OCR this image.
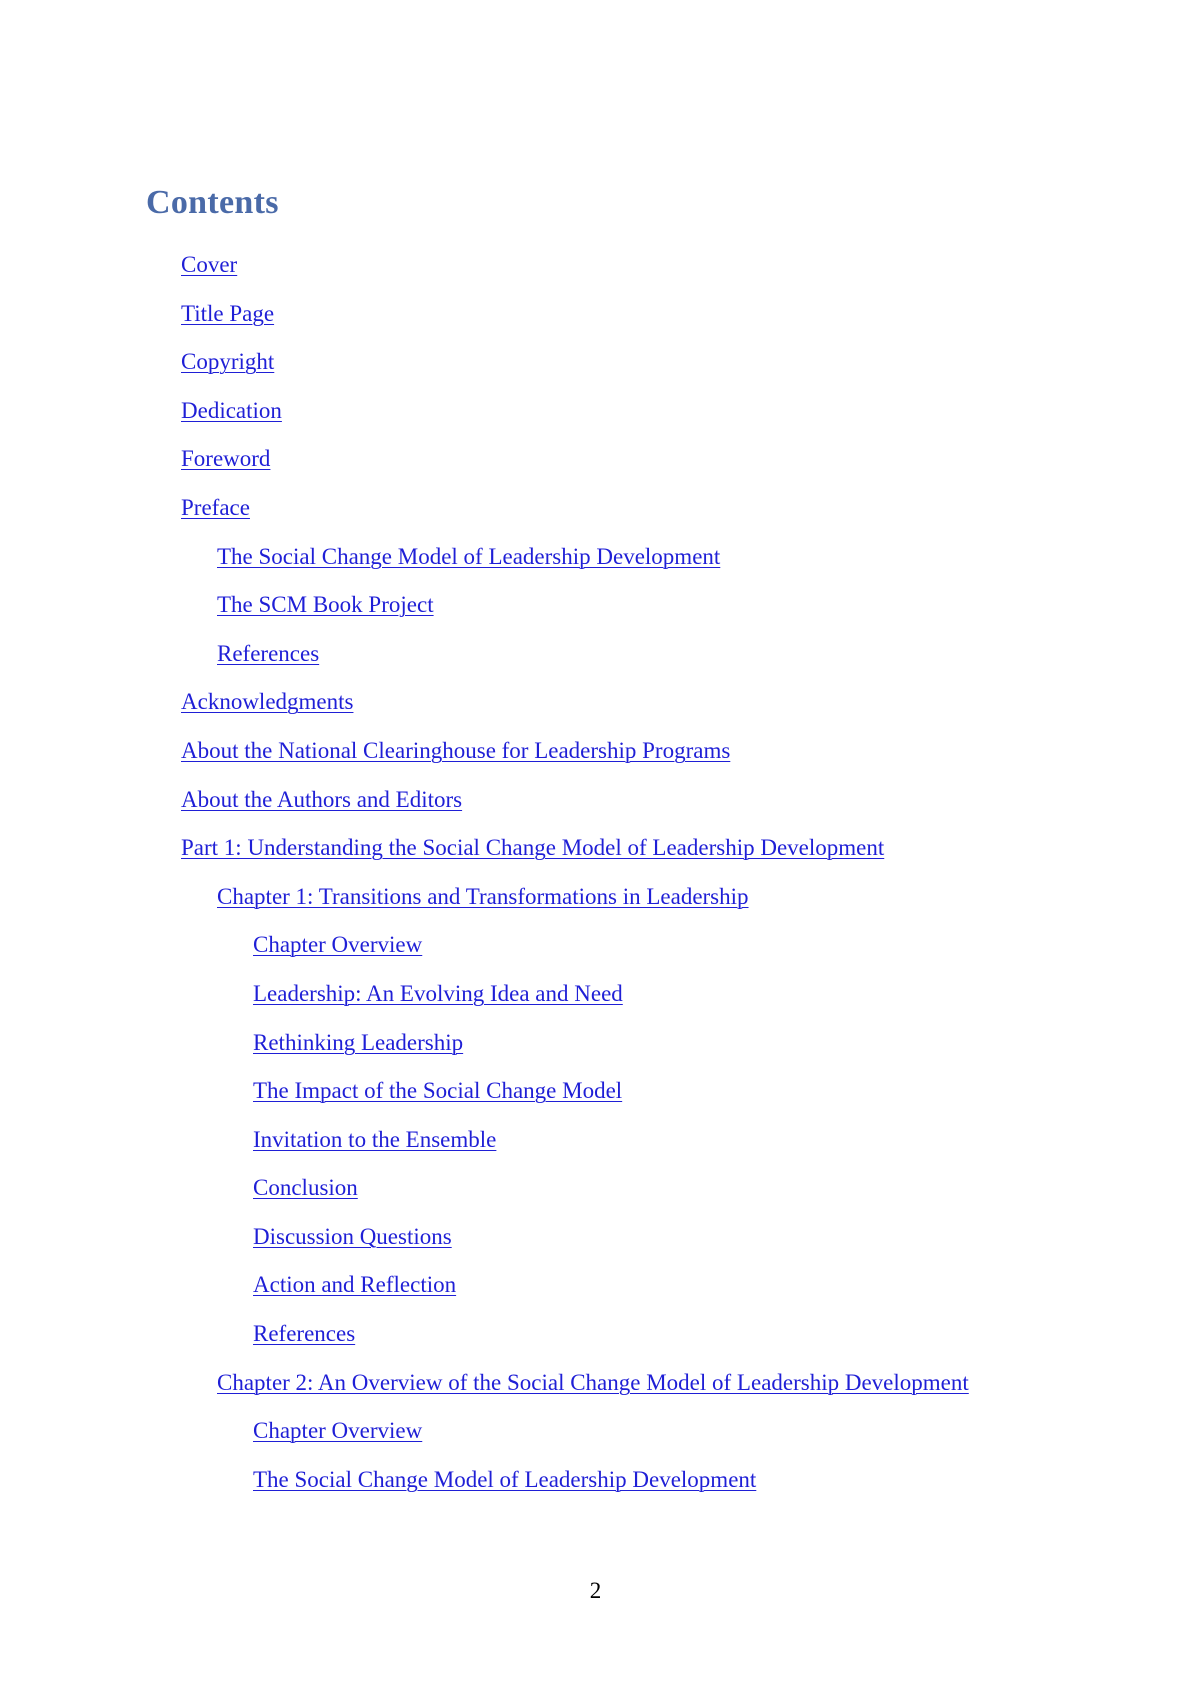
Contents
Cover
Title Page
Copyright
Dedication
Foreword
Preface
The Social Change Model of Leadership Development
The SCM Book Project
References
Acknowledgments
About the National Clearinghouse for Leadership Programs
About the Authors and Editors
Part 1: Understanding the Social Change Model of Leadership Development
Chapter 1: Transitions and Transformations in Leadership
Chapter Overview
Leadership: An Evolving Idea and Need
Rethinking Leadership
The Impact of the Social Change Model
Invitation to the Ensemble
Conclusion
Discussion Questions
Action and Reflection
References
Chapter 2: An Overview of the Social Change Model of Leadership Development
Chapter Overview
The Social Change Model of Leadership Development

2
